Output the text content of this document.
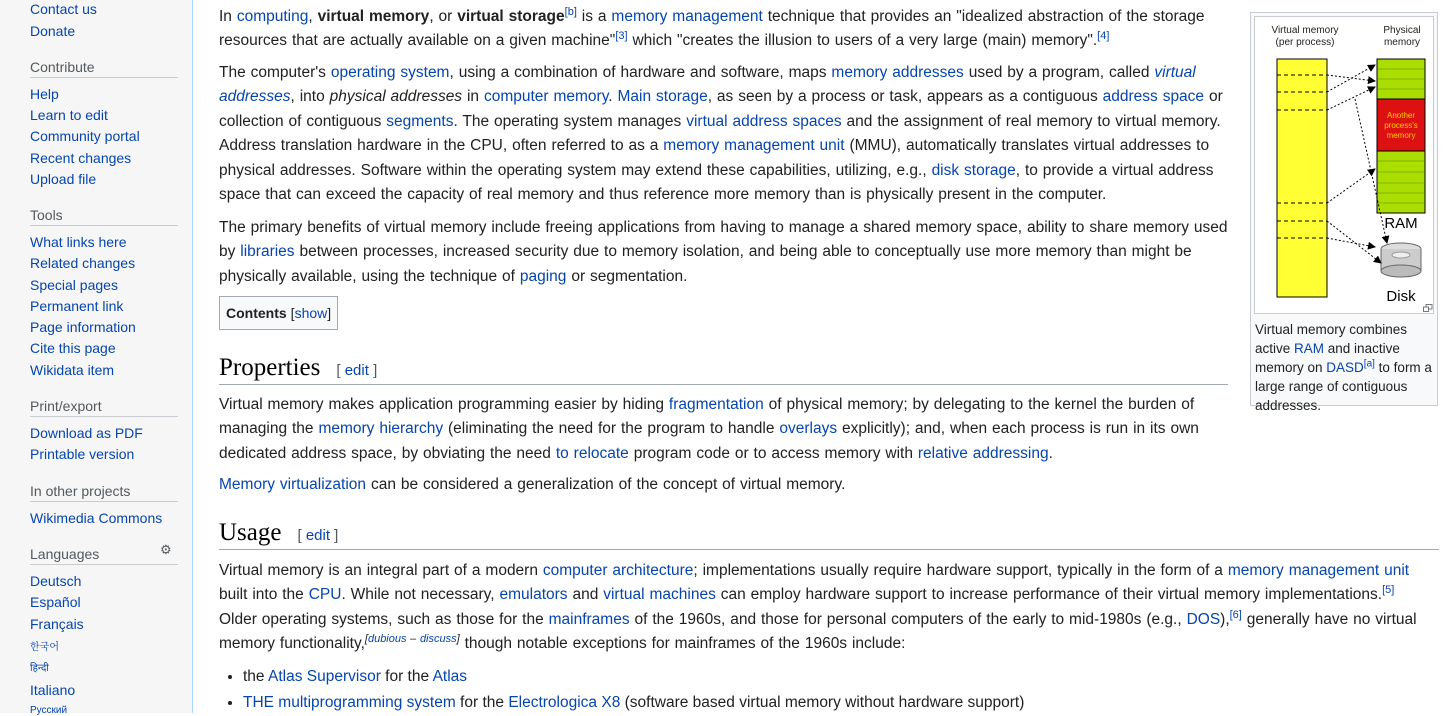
Contact us
Donate
Contribute
Help
Learn to edit
Community portal
Recent changes
Upload file
Tools
What links here
Related changes
Special pages
Permanent link
Page information
Cite this page
Wikidata item
Print/export
Download as PDF
Printable version
In other projects
Wikimedia Commons
Languages	⚙
Deutsch
Español
Français
한국어
हिन्दी
Italiano
Русский

In computing, virtual memory, or virtual storage[b] is a memory management technique that provides an "idealized abstraction of the storage resources that are actually available on a given machine"[3] which "creates the illusion to users of a very large (main) memory".[4]

The computer's operating system, using a combination of hardware and software, maps memory addresses used by a program, called virtual addresses, into physical addresses in computer memory. Main storage, as seen by a process or task, appears as a contiguous address space or collection of contiguous segments. The operating system manages virtual address spaces and the assignment of real memory to virtual memory. Address translation hardware in the CPU, often referred to as a memory management unit (MMU), automatically translates virtual addresses to physical addresses. Software within the operating system may extend these capabilities, utilizing, e.g., disk storage, to provide a virtual address space that can exceed the capacity of real memory and thus reference more memory than is physically present in the computer.

The primary benefits of virtual memory include freeing applications from having to manage a shared memory space, ability to share memory used by libraries between processes, increased security due to memory isolation, and being able to conceptually use more memory than might be physically available, using the technique of paging or segmentation.

Contents [show]
Properties [ edit ]

Virtual memory makes application programming easier by hiding fragmentation of physical memory; by delegating to the kernel the burden of managing the memory hierarchy (eliminating the need for the program to handle overlays explicitly); and, when each process is run in its own dedicated address space, by obviating the need to relocate program code or to access memory with relative addressing.

Memory virtualization can be considered a generalization of the concept of virtual memory.

Usage [ edit ]

Virtual memory is an integral part of a modern computer architecture; implementations usually require hardware support, typically in the form of a memory management unit built into the CPU. While not necessary, emulators and virtual machines can employ hardware support to increase performance of their virtual memory implementations.[5] Older operating systems, such as those for the mainframes of the 1960s, and those for personal computers of the early to mid-1980s (e.g., DOS),[6] generally have no virtual memory functionality,[dubious – discuss] though notable exceptions for mainframes of the 1960s include:

• the Atlas Supervisor for the Atlas
• THE multiprogramming system for the Electrologica X8 (software based virtual memory without hardware support)
Virtual memory
(per process)
Physical
memory
Another
process's
memory
RAM
Disk
Virtual memory combines active RAM and inactive memory on DASD[a] to form a large range of contiguous addresses.
